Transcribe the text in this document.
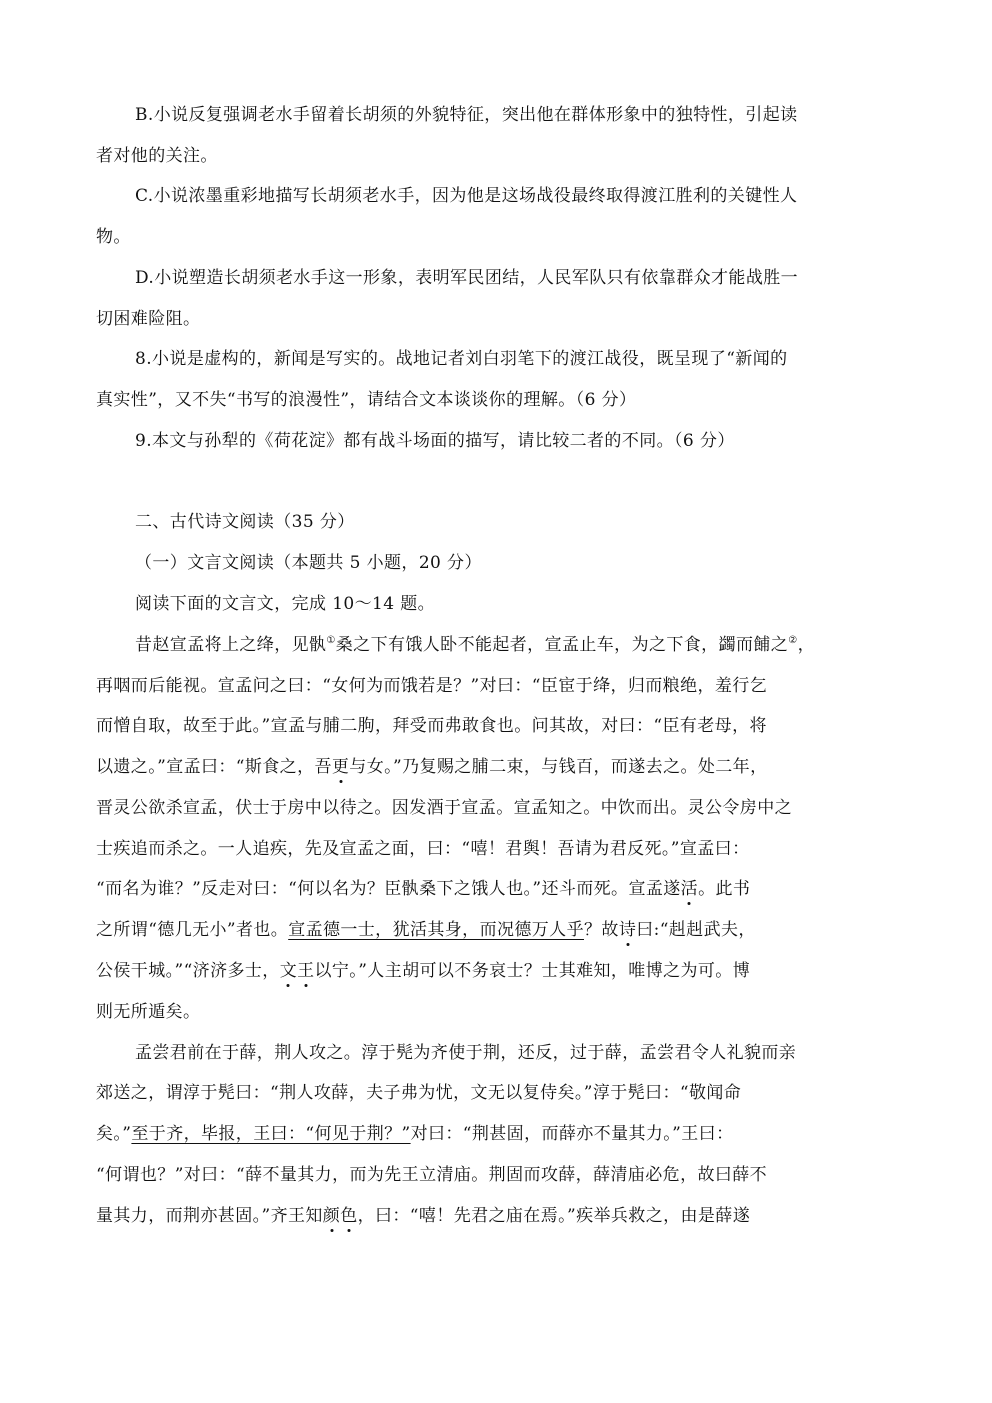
B.小说反复强调老水手留着长胡须的外貌特征，突出他在群体形象中的独特性，引起读
者对他的关注。
C.小说浓墨重彩地描写长胡须老水手，因为他是这场战役最终取得渡江胜利的关键性人
物。
D.小说塑造长胡须老水手这一形象，表明军民团结，人民军队只有依靠群众才能战胜一
切困难险阻。
8.小说是虚构的，新闻是写实的。战地记者刘白羽笔下的渡江战役，既呈现了“新闻的
真实性”，又不失“书写的浪漫性”，请结合文本谈谈你的理解。（6 分）
9.本文与孙犁的《荷花淀》都有战斗场面的描写，请比较二者的不同。（6 分）
二、古代诗文阅读（35 分）
（一）文言文阅读（本题共 5 小题，20 分）
阅读下面的文言文，完成 10～14 题。
昔赵宣孟将上之绛，见骫①桑之下有饿人卧不能起者，宣孟止车，为之下食，蠲而餔之②，
再咽而后能视。宣孟问之曰：“女何为而饿若是？”对曰：“臣宦于绛，归而粮绝，羞行乞
而憎自取，故至于此。”宣孟与脯二朐，拜受而弗敢食也。问其故，对曰：“臣有老母，将
以遗之。”宣孟曰：“斯食之，吾更与女。”乃复赐之脯二束，与钱百，而遂去之。处二年，
晋灵公欲杀宣孟，伏士于房中以待之。因发酒于宣孟。宣孟知之。中饮而出。灵公令房中之
士疾追而杀之。一人追疾，先及宣孟之面，曰：“嘻！君舆！吾请为君反死。”宣孟曰：
“而名为谁？”反走对曰：“何以名为？臣骫桑下之饿人也。”还斗而死。宣孟遂活。此书
之所谓“德几无小”者也。宣孟德一士，犹活其身，而况德万人乎？故诗曰:“赳赳武夫，
公侯干城。”“济济多士，文王以宁。”人主胡可以不务哀士？士其难知，唯博之为可。博
则无所遁矣。
孟尝君前在于薛，荆人攻之。淳于髡为齐使于荆，还反，过于薛，孟尝君令人礼貌而亲
郊送之，谓淳于髡曰：“荆人攻薛，夫子弗为忧，文无以复侍矣。”淳于髡曰：“敬闻命
矣。”至于齐，毕报，王曰：“何见于荆？”对曰：“荆甚固，而薛亦不量其力。”王曰：
“何谓也？”对曰：“薛不量其力，而为先王立清庙。荆固而攻薛，薛清庙必危，故曰薛不
量其力，而荆亦甚固。”齐王知颜色，曰：“嘻！先君之庙在焉。”疾举兵救之，由是薛遂
